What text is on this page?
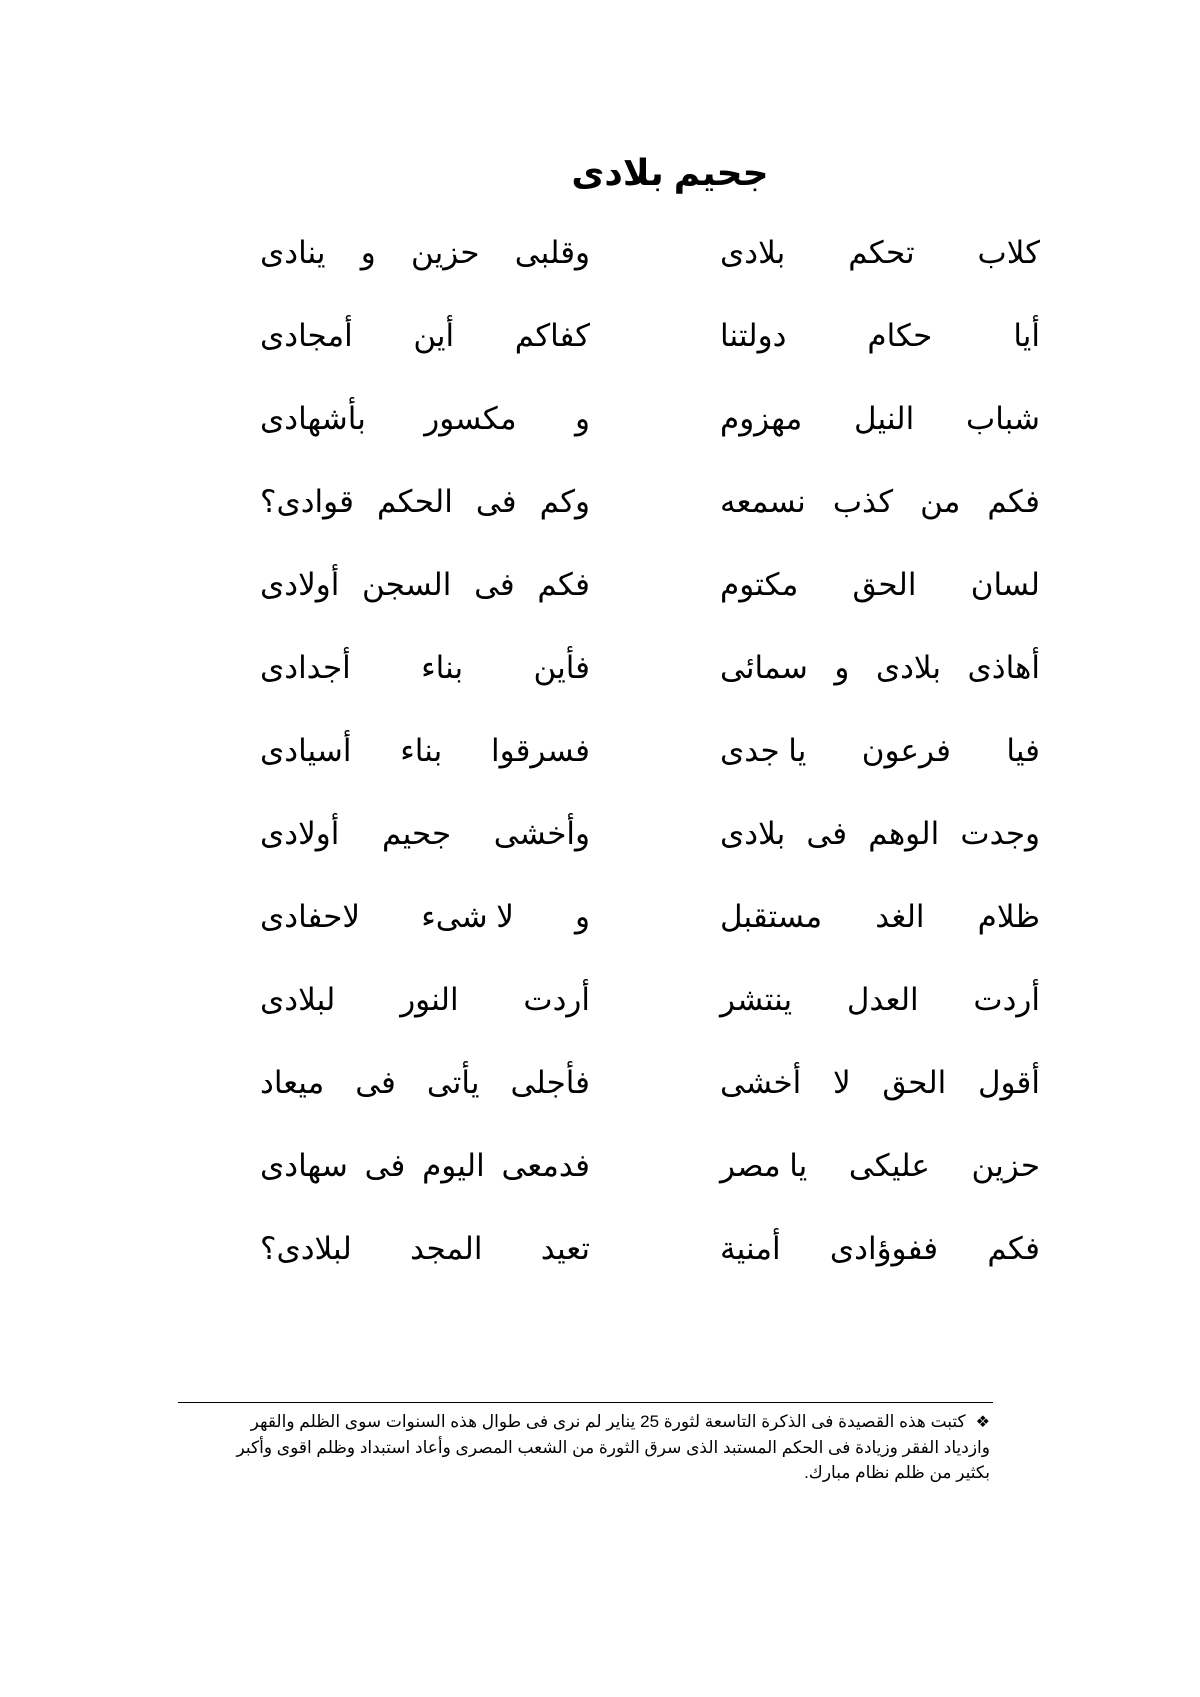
جحيم بلادى
كلاب
تحكم
بلادى
وقلبى
حزين
و
ينادى
أيا
حكام
دولتنا
كفاكم
أين
أمجادى
شباب
النيل
مهزوم
و
مكسور
بأشهادى
فكم
من
كذب
نسمعه
وكم
فى
الحكم
قوادى؟
لسان
الحق
مكتوم
فكم
فى
السجن
أولادى
أهاذى
بلادى
و
سمائى
فأين
بناء
أجدادى
فيا
فرعون
يا جدى
فسرقوا
بناء
أسيادى
وجدت
الوهم
فى
بلادى
وأخشى
جحيم
أولادى
ظلام
الغد
مستقبل
و
لا شىء
لاحفادى
أردت
العدل
ينتشر
أردت
النور
لبلادى
أقول
الحق
لا
أخشى
فأجلى
يأتى
فى
ميعاد
حزين
عليكى
يا مصر
فدمعى
اليوم
فى
سهادى
فكم
ففوؤادى
أمنية
تعيد
المجد
لبلادى؟
❖كتبت هذه القصيدة فى الذكرة التاسعة لثورة 25 يناير لم نرى فى طوال هذه السنوات سوى الظلم والقهر وازدياد الفقر وزيادة فى الحكم المستبد الذى سرق الثورة من الشعب المصرى وأعاد استبداد وظلم اقوى وأكبر بكثير من ظلم نظام مبارك.
